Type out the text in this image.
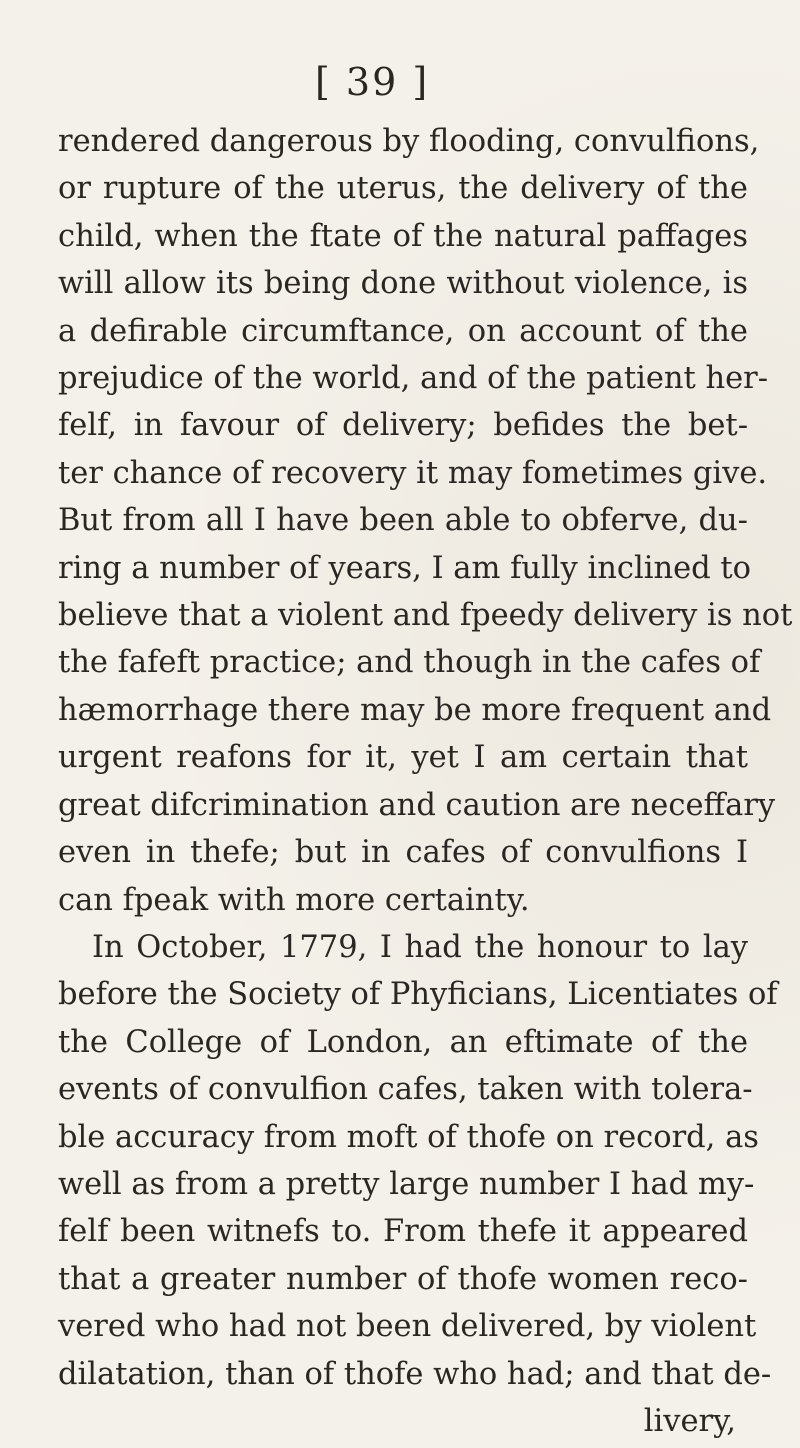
[ 39 ]
rendered dangerous by flooding, convulfions,
or rupture of the uterus, the delivery of the
child, when the ftate of the natural paffages
will allow its being done without violence, is
a defirable circumftance, on account of the
prejudice of the world, and of the patient her-
felf, in favour of delivery; befides the bet-
ter chance of recovery it may fometimes give.
But from all I have been able to obferve, du-
ring a number of years, I am fully inclined to
believe that a violent and fpeedy delivery is not
the fafeft practice; and though in the cafes of
hæmorrhage there may be more frequent and
urgent reafons for it, yet I am certain that
great difcrimination and caution are neceffary
even in thefe; but in cafes of convulfions I
can fpeak with more certainty.
In October, 1779, I had the honour to lay
before the Society of Phyficians, Licentiates of
the College of London, an eftimate of the
events of convulfion cafes, taken with tolera-
ble accuracy from moft of thofe on record, as
well as from a pretty large number I had my-
felf been witnefs to. From thefe it appeared
that a greater number of thofe women reco-
vered who had not been delivered, by violent
dilatation, than of thofe who had; and that de-
livery,
